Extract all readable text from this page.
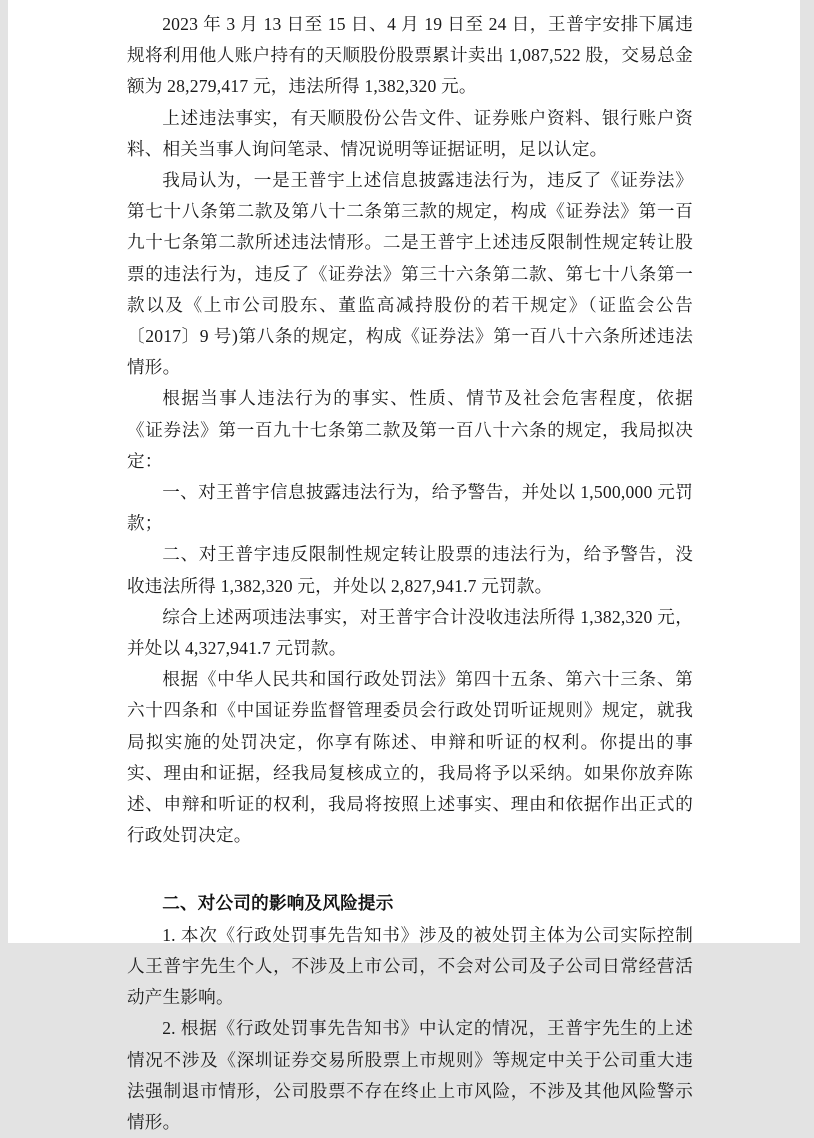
2023 年 3 月 13 日至 15 日、4 月 19 日至 24 日，王普宇安排下属违规将利用他人账户持有的天顺股份股票累计卖出 1,087,522 股，交易总金额为 28,279,417 元，违法所得 1,382,320 元。

上述违法事实，有天顺股份公告文件、证券账户资料、银行账户资料、相关当事人询问笔录、情况说明等证据证明，足以认定。

我局认为，一是王普宇上述信息披露违法行为，违反了《证券法》第七十八条第二款及第八十二条第三款的规定，构成《证券法》第一百九十七条第二款所述违法情形。二是王普宇上述违反限制性规定转让股票的违法行为，违反了《证券法》第三十六条第二款、第七十八条第一款以及《上市公司股东、董监高减持股份的若干规定》（证监会公告〔2017〕9 号)第八条的规定，构成《证券法》第一百八十六条所述违法情形。

根据当事人违法行为的事实、性质、情节及社会危害程度，依据《证券法》第一百九十七条第二款及第一百八十六条的规定，我局拟决定：

一、对王普宇信息披露违法行为，给予警告，并处以 1,500,000 元罚款；

二、对王普宇违反限制性规定转让股票的违法行为，给予警告，没收违法所得 1,382,320 元，并处以 2,827,941.7 元罚款。

综合上述两项违法事实，对王普宇合计没收违法所得 1,382,320 元，并处以 4,327,941.7 元罚款。

根据《中华人民共和国行政处罚法》第四十五条、第六十三条、第六十四条和《中国证券监督管理委员会行政处罚听证规则》规定，就我局拟实施的处罚决定，你享有陈述、申辩和听证的权利。你提出的事实、理由和证据，经我局复核成立的，我局将予以采纳。如果你放弃陈述、申辩和听证的权利，我局将按照上述事实、理由和依据作出正式的行政处罚决定。

二、对公司的影响及风险提示

1. 本次《行政处罚事先告知书》涉及的被处罚主体为公司实际控制人王普宇先生个人，不涉及上市公司，不会对公司及子公司日常经营活动产生影响。

2. 根据《行政处罚事先告知书》中认定的情况，王普宇先生的上述情况不涉及《深圳证券交易所股票上市规则》等规定中关于公司重大违法强制退市情形，公司股票不存在终止上市风险，不涉及其他风险警示情形。
